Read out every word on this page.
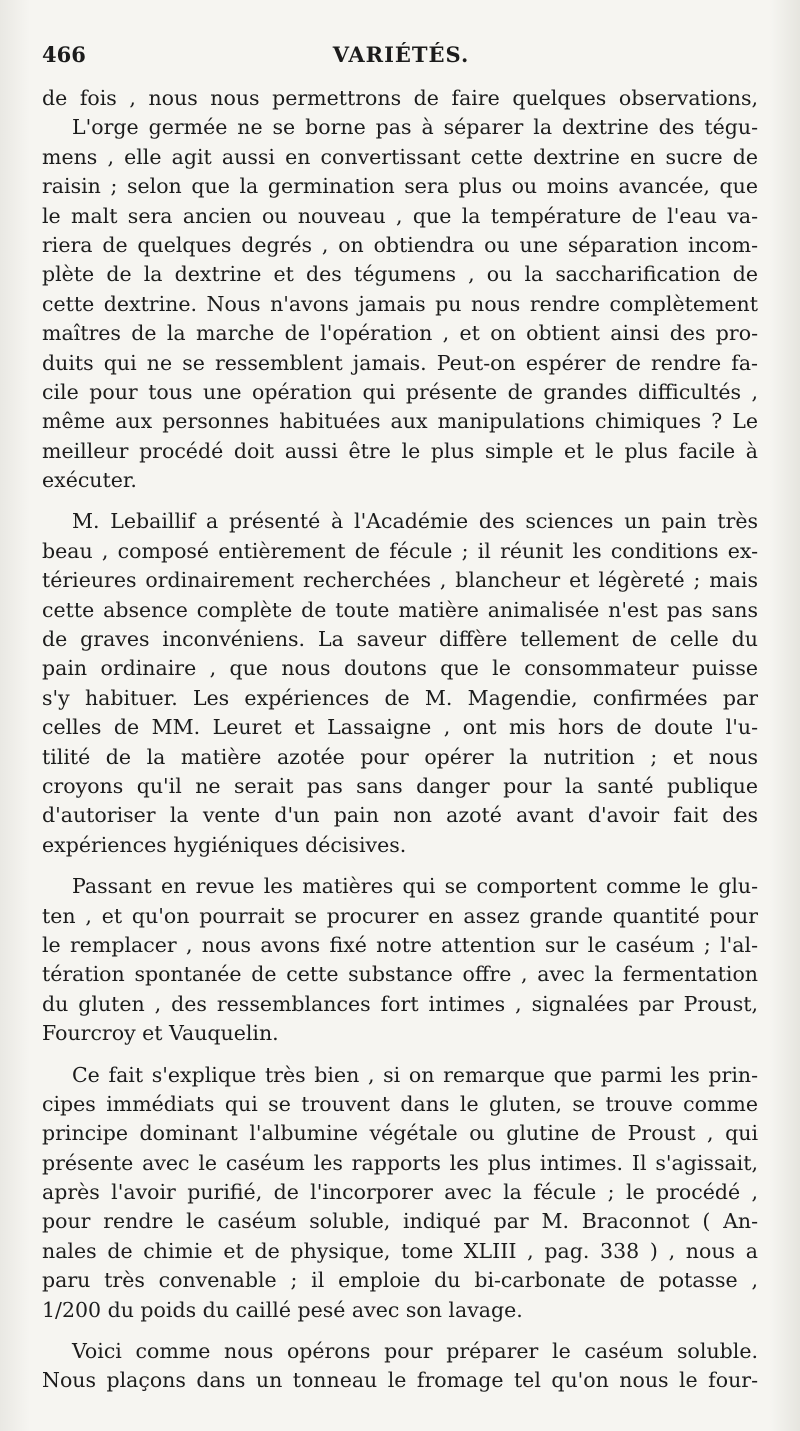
466	VARIÉTÉS.
de fois , nous nous permettrons de faire quelques observations,
L'orge germée ne se borne pas à séparer la dextrine des tégu-
mens , elle agit aussi en convertissant cette dextrine en sucre de
raisin ; selon que la germination sera plus ou moins avancée, que
le malt sera ancien ou nouveau , que la température de l'eau va-
riera de quelques degrés , on obtiendra ou une séparation incom-
plète de la dextrine et des tégumens , ou la saccharification de
cette dextrine. Nous n'avons jamais pu nous rendre complètement
maîtres de la marche de l'opération , et on obtient ainsi des pro-
duits qui ne se ressemblent jamais. Peut-on espérer de rendre fa-
cile pour tous une opération qui présente de grandes difficultés ,
même aux personnes habituées aux manipulations chimiques ? Le
meilleur procédé doit aussi être le plus simple et le plus facile à
exécuter.
M. Lebaillif a présenté à l'Académie des sciences un pain très
beau , composé entièrement de fécule ; il réunit les conditions ex-
térieures ordinairement recherchées , blancheur et légèreté ; mais
cette absence complète de toute matière animalisée n'est pas sans
de graves inconvéniens. La saveur diffère tellement de celle du
pain ordinaire , que nous doutons que le consommateur puisse
s'y habituer. Les expériences de M. Magendie, confirmées par
celles de MM. Leuret et Lassaigne , ont mis hors de doute l'u-
tilité de la matière azotée pour opérer la nutrition ; et nous
croyons qu'il ne serait pas sans danger pour la santé publique
d'autoriser la vente d'un pain non azoté avant d'avoir fait des
expériences hygiéniques décisives.
Passant en revue les matières qui se comportent comme le glu-
ten , et qu'on pourrait se procurer en assez grande quantité pour
le remplacer , nous avons fixé notre attention sur le caséum ; l'al-
tération spontanée de cette substance offre , avec la fermentation
du gluten , des ressemblances fort intimes , signalées par Proust,
Fourcroy et Vauquelin.
Ce fait s'explique très bien , si on remarque que parmi les prin-
cipes immédiats qui se trouvent dans le gluten, se trouve comme
principe dominant l'albumine végétale ou glutine de Proust , qui
présente avec le caséum les rapports les plus intimes. Il s'agissait,
après l'avoir purifié, de l'incorporer avec la fécule ; le procédé ,
pour rendre le caséum soluble, indiqué par M. Braconnot ( An-
nales de chimie et de physique, tome XLIII , pag. 338 ) , nous a
paru très convenable ; il emploie du bi-carbonate de potasse ,
1/200 du poids du caillé pesé avec son lavage.
Voici comme nous opérons pour préparer le caséum soluble.
Nous plaçons dans un tonneau le fromage tel qu'on nous le four-
